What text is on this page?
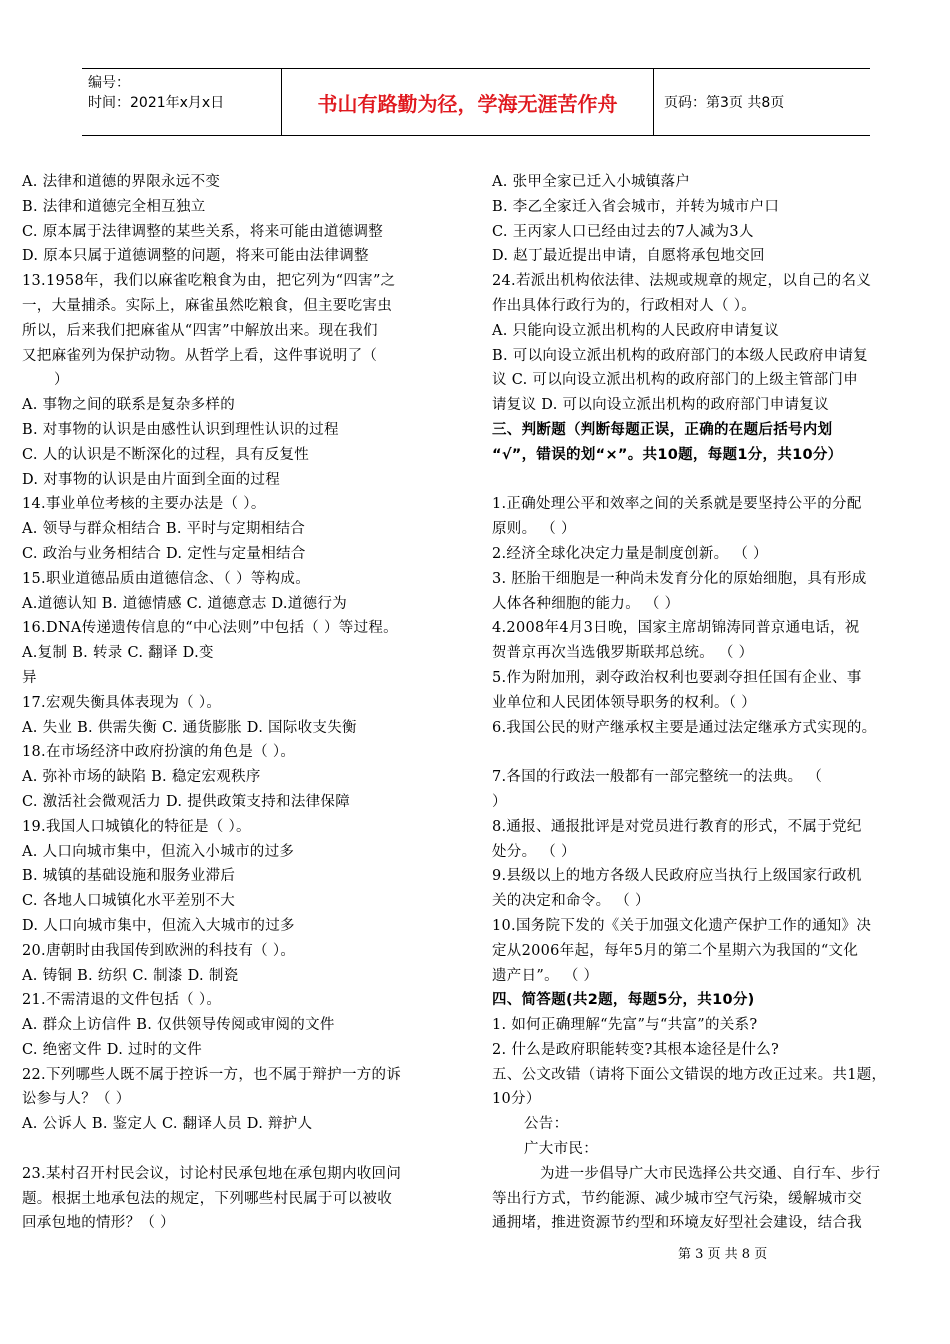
编号：
时间：2021年x月x日	书山有路勤为径，学海无涯苦作舟	页码：第3页 共8页
A. 法律和道德的界限永远不变
B. 法律和道德完全相互独立
C. 原本属于法律调整的某些关系，将来可能由道德调整
D. 原本只属于道德调整的问题，将来可能由法律调整
13.1958年，我们以麻雀吃粮食为由，把它列为“四害”之
一，大量捕杀。实际上，麻雀虽然吃粮食，但主要吃害虫
所以，后来我们把麻雀从“四害”中解放出来。现在我们
又把麻雀列为保护动物。从哲学上看，这件事说明了（
）
A. 事物之间的联系是复杂多样的
B. 对事物的认识是由感性认识到理性认识的过程
C. 人的认识是不断深化的过程，具有反复性
D. 对事物的认识是由片面到全面的过程
14.事业单位考核的主要办法是（ ）。
A. 领导与群众相结合 B. 平时与定期相结合
C. 政治与业务相结合 D. 定性与定量相结合
15.职业道德品质由道德信念、（ ）等构成。
A.道德认知 B. 道德情感 C. 道德意志 D.道德行为
16.DNA传递遗传信息的“中心法则”中包括（ ）等过程。
A.复制 B. 转录 C. 翻译 D.变
异
17.宏观失衡具体表现为（ ）。
A. 失业 B. 供需失衡 C. 通货膨胀 D. 国际收支失衡
18.在市场经济中政府扮演的角色是（ ）。
A. 弥补市场的缺陷 B. 稳定宏观秩序
C. 激活社会微观活力 D. 提供政策支持和法律保障
19.我国人口城镇化的特征是（ ）。
A. 人口向城市集中，但流入小城市的过多
B. 城镇的基础设施和服务业滞后
C. 各地人口城镇化水平差别不大
D. 人口向城市集中，但流入大城市的过多
20.唐朝时由我国传到欧洲的科技有（ ）。
A. 铸铜 B. 纺织 C. 制漆 D. 制瓷
21.不需清退的文件包括（ ）。
A. 群众上访信件 B. 仅供领导传阅或审阅的文件
C. 绝密文件 D. 过时的文件
22.下列哪些人既不属于控诉一方，也不属于辩护一方的诉
讼参与人？（ ）
A. 公诉人 B. 鉴定人 C. 翻译人员 D. 辩护人

23.某村召开村民会议，讨论村民承包地在承包期内收回问
题。根据土地承包法的规定，下列哪些村民属于可以被收
回承包地的情形？（ ）
A. 张甲全家已迁入小城镇落户
B. 李乙全家迁入省会城市，并转为城市户口
C. 王丙家人口已经由过去的7人减为3人
D. 赵丁最近提出申请，自愿将承包地交回
24.若派出机构依法律、法规或规章的规定，以自己的名义
作出具体行政行为的，行政相对人（ ）。
A. 只能向设立派出机构的人民政府申请复议
B. 可以向设立派出机构的政府部门的本级人民政府申请复
议 C. 可以向设立派出机构的政府部门的上级主管部门申
请复议 D. 可以向设立派出机构的政府部门申请复议
三、判断题（判断每题正误，正确的在题后括号内划
“√”，错误的划“×”。共10题，每题1分，共10分）

1.正确处理公平和效率之间的关系就是要坚持公平的分配
原则。 （ ）
2.经济全球化决定力量是制度创新。 （ ）
3. 胚胎干细胞是一种尚未发育分化的原始细胞，具有形成
人体各种细胞的能力。 （ ）
4.2008年4月3日晚，国家主席胡锦涛同普京通电话，祝
贺普京再次当选俄罗斯联邦总统。 （ ）
5.作为附加刑，剥夺政治权利也要剥夺担任国有企业、事
业单位和人民团体领导职务的权利。（ ）
6.我国公民的财产继承权主要是通过法定继承方式实现的。

7.各国的行政法一般都有一部完整统一的法典。 （
）
8.通报、通报批评是对党员进行教育的形式，不属于党纪
处分。 （ ）
9.县级以上的地方各级人民政府应当执行上级国家行政机
关的决定和命令。 （ ）
10.国务院下发的《关于加强文化遗产保护工作的通知》决
定从2006年起，每年5月的第二个星期六为我国的“文化
遗产日”。 （ ）
四、简答题(共2题，每题5分，共10分)
1. 如何正确理解“先富”与“共富”的关系?
2. 什么是政府职能转变?其根本途径是什么?
五、公文改错（请将下面公文错误的地方改正过来。共1题，
10分）
公告：
广大市民：
为进一步倡导广大市民选择公共交通、自行车、步行
等出行方式，节约能源、减少城市空气污染，缓解城市交
通拥堵，推进资源节约型和环境友好型社会建设，结合我
第 3 页 共 8 页
